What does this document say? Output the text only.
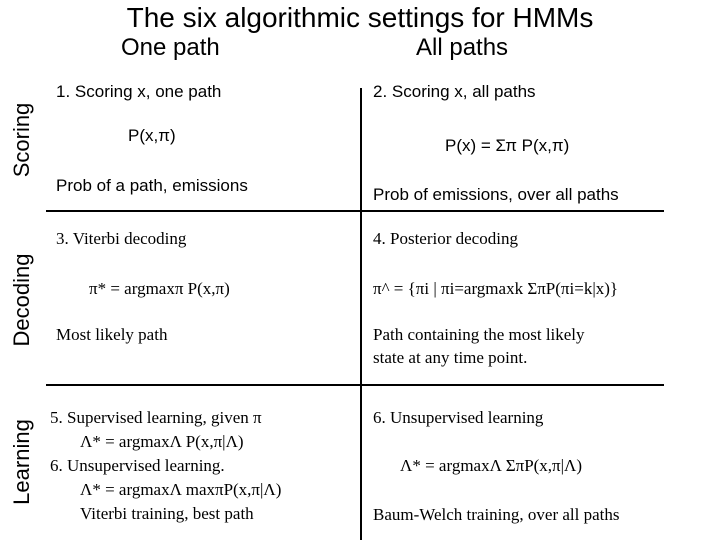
The six algorithmic settings for HMMs
One path	All paths
Scoring
Decoding
Learning
1. Scoring x, one path
P(x,π)
Prob of a path, emissions
2. Scoring x, all paths
P(x) = Σπ P(x,π)
Prob of emissions, over all paths
3. Viterbi decoding
π* = argmaxπ P(x,π)
Most likely path
4. Posterior decoding
π^ = {πi | πi=argmaxk ΣπP(πi=k|x)}
Path containing the most likely
state at any time point.
5. Supervised learning, given π
Λ* = argmaxΛ P(x,π|Λ)
6. Unsupervised learning.
Λ* = argmaxΛ maxπP(x,π|Λ)
Viterbi training, best path
6. Unsupervised learning
Λ* = argmaxΛ ΣπP(x,π|Λ)
Baum-Welch training, over all paths
